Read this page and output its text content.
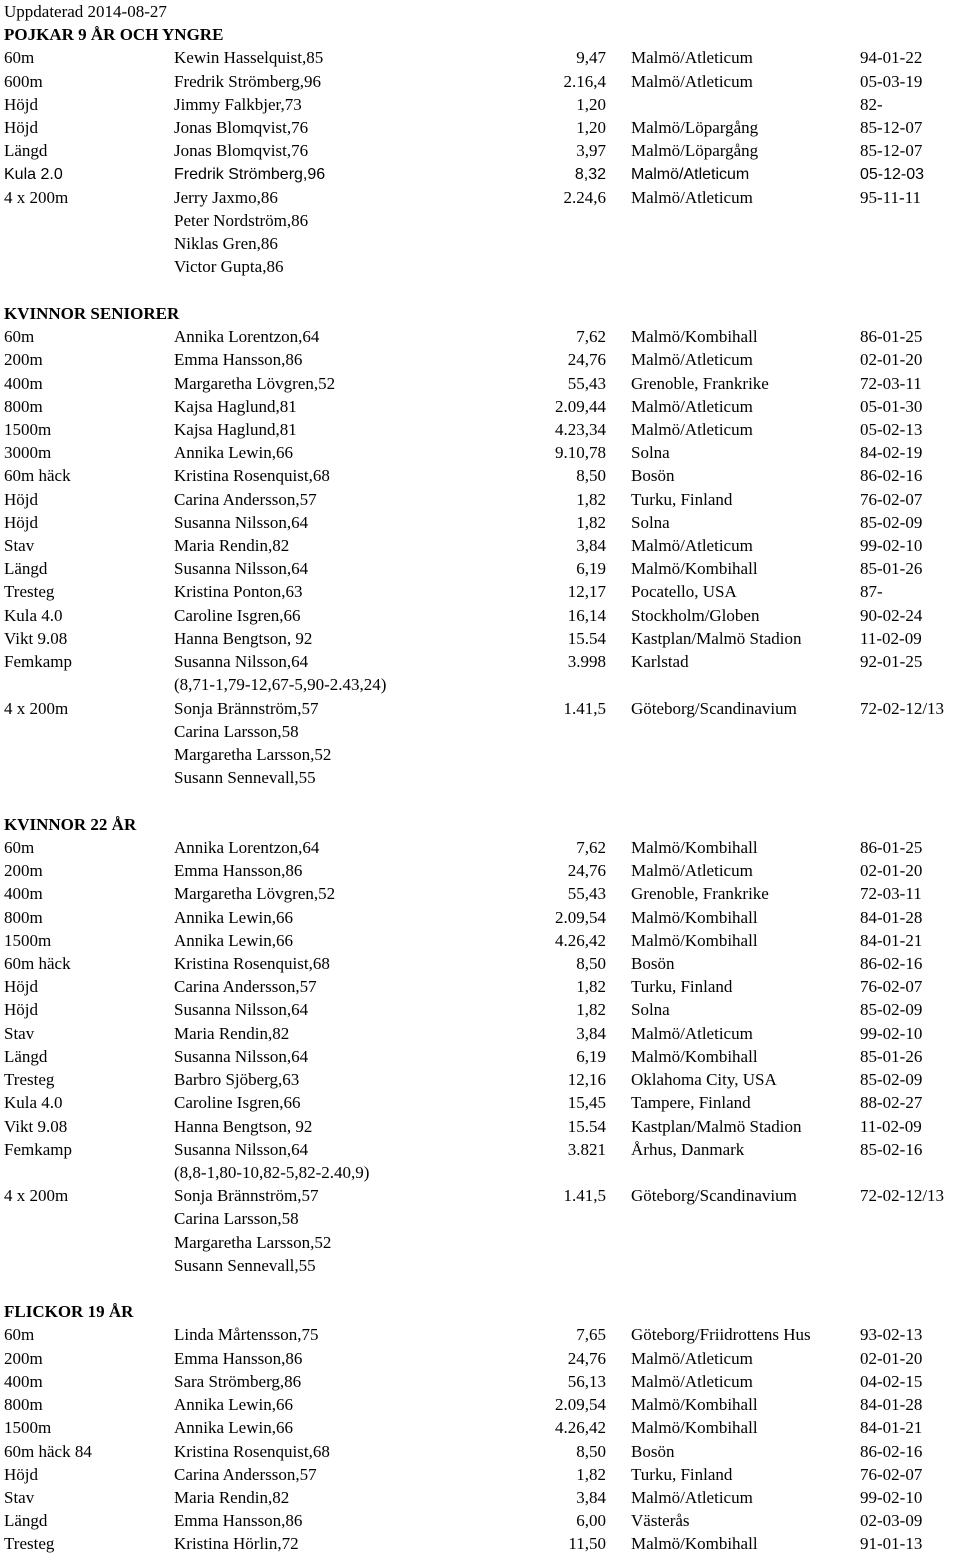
Uppdaterad 2014-08-27
POJKAR 9 ÅR OCH YNGRE
60m	Kewin Hasselquist,85	9,47 Malmö/Atleticum	94-01-22
600m	Fredrik Strömberg,96	2.16,4 Malmö/Atleticum	05-03-19
Höjd	Jimmy Falkbjer,73	1,20	82-
Höjd	Jonas Blomqvist,76	1,20 Malmö/Löpargång	85-12-07
Längd	Jonas Blomqvist,76	3,97 Malmö/Löpargång	85-12-07
Kula 2.0	Fredrik Strömberg,96	8,32 Malmö/Atleticum	05-12-03
4 x 200m	Jerry Jaxmo,86	2.24,6 Malmö/Atleticum	95-11-11
Peter Nordström,86
Niklas Gren,86
Victor Gupta,86
KVINNOR SENIORER
60m	Annika Lorentzon,64	7,62 Malmö/Kombihall	86-01-25
200m	Emma Hansson,86	24,76 Malmö/Atleticum	02-01-20
400m	Margaretha Lövgren,52	55,43 Grenoble, Frankrike	72-03-11
800m	Kajsa Haglund,81	2.09,44 Malmö/Atleticum	05-01-30
1500m	Kajsa Haglund,81	4.23,34 Malmö/Atleticum	05-02-13
3000m	Annika Lewin,66	9.10,78 Solna	84-02-19
60m häck	Kristina Rosenquist,68	8,50 Bosön	86-02-16
Höjd	Carina Andersson,57	1,82 Turku, Finland	76-02-07
Höjd	Susanna Nilsson,64	1,82 Solna	85-02-09
Stav	Maria Rendin,82	3,84 Malmö/Atleticum	99-02-10
Längd	Susanna Nilsson,64	6,19 Malmö/Kombihall	85-01-26
Tresteg	Kristina Ponton,63	12,17 Pocatello, USA	87-
Kula 4.0	Caroline Isgren,66	16,14 Stockholm/Globen	90-02-24
Vikt 9.08	Hanna Bengtson, 92	15.54 Kastplan/Malmö Stadion	11-02-09
Femkamp	Susanna Nilsson,64	3.998 Karlstad	92-01-25
(8,71-1,79-12,67-5,90-2.43,24)
4 x 200m	Sonja Brännström,57	1.41,5 Göteborg/Scandinavium	72-02-12/13
Carina Larsson,58
Margaretha Larsson,52
Susann Sennevall,55
KVINNOR 22 ÅR
60m	Annika Lorentzon,64	7,62 Malmö/Kombihall	86-01-25
200m	Emma Hansson,86	24,76 Malmö/Atleticum	02-01-20
400m	Margaretha Lövgren,52	55,43 Grenoble, Frankrike	72-03-11
800m	Annika Lewin,66	2.09,54 Malmö/Kombihall	84-01-28
1500m	Annika Lewin,66	4.26,42 Malmö/Kombihall	84-01-21
60m häck	Kristina Rosenquist,68	8,50 Bosön	86-02-16
Höjd	Carina Andersson,57	1,82 Turku, Finland	76-02-07
Höjd	Susanna Nilsson,64	1,82 Solna	85-02-09
Stav	Maria Rendin,82	3,84 Malmö/Atleticum	99-02-10
Längd	Susanna Nilsson,64	6,19 Malmö/Kombihall	85-01-26
Tresteg	Barbro Sjöberg,63	12,16 Oklahoma City, USA	85-02-09
Kula 4.0	Caroline Isgren,66	15,45 Tampere, Finland	88-02-27
Vikt 9.08	Hanna Bengtson, 92	15.54 Kastplan/Malmö Stadion	11-02-09
Femkamp	Susanna Nilsson,64	3.821 Århus, Danmark	85-02-16
(8,8-1,80-10,82-5,82-2.40,9)
4 x 200m	Sonja Brännström,57	1.41,5 Göteborg/Scandinavium	72-02-12/13
Carina Larsson,58
Margaretha Larsson,52
Susann Sennevall,55
FLICKOR 19 ÅR
60m	Linda Mårtensson,75	7,65 Göteborg/Friidrottens Hus	93-02-13
200m	Emma Hansson,86	24,76 Malmö/Atleticum	02-01-20
400m	Sara Strömberg,86	56,13 Malmö/Atleticum	04-02-15
800m	Annika Lewin,66	2.09,54 Malmö/Kombihall	84-01-28
1500m	Annika Lewin,66	4.26,42 Malmö/Kombihall	84-01-21
60m häck 84	Kristina Rosenquist,68	8,50 Bosön	86-02-16
Höjd	Carina Andersson,57	1,82 Turku, Finland	76-02-07
Stav	Maria Rendin,82	3,84 Malmö/Atleticum	99-02-10
Längd	Emma Hansson,86	6,00 Västerås	02-03-09
Tresteg	Kristina Hörlin,72	11,50 Malmö/Kombihall	91-01-13
